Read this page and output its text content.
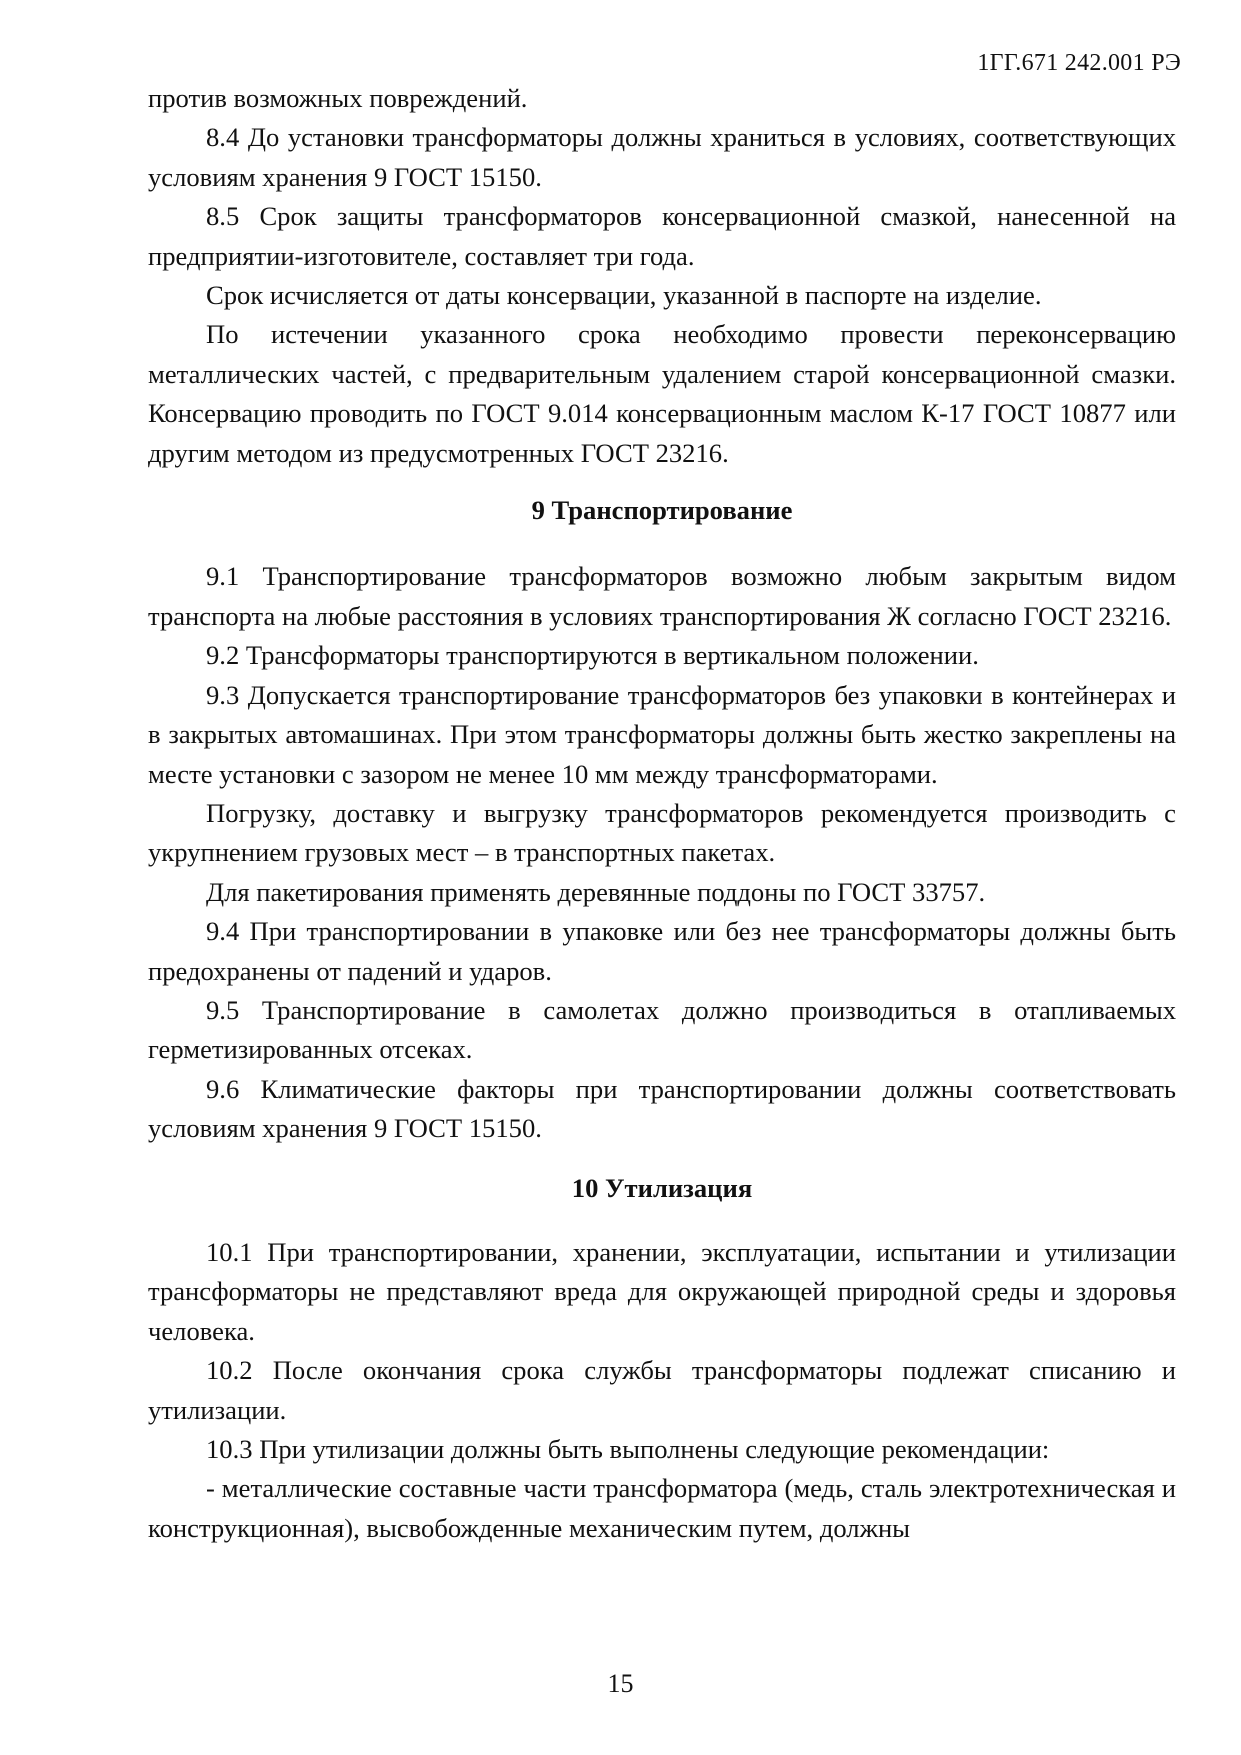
1ГГ.671 242.001 РЭ

против возможных повреждений.

8.4 До установки трансформаторы должны храниться в условиях, соответствующих условиям хранения 9 ГОСТ 15150.

8.5 Срок защиты трансформаторов консервационной смазкой, нанесенной на предприятии-изготовителе, составляет три года.

Срок исчисляется от даты консервации, указанной в паспорте на изделие.

По истечении указанного срока необходимо провести переконсервацию металлических частей, с предварительным удалением старой консервационной смазки. Консервацию проводить по ГОСТ 9.014 консервационным маслом К-17 ГОСТ 10877 или другим методом из предусмотренных ГОСТ 23216.

9 Транспортирование

9.1 Транспортирование трансформаторов возможно любым закрытым видом транспорта на любые расстояния в условиях транспортирования Ж согласно ГОСТ 23216.

9.2 Трансформаторы транспортируются в вертикальном положении.

9.3 Допускается транспортирование трансформаторов без упаковки в контейнерах и в закрытых автомашинах. При этом трансформаторы должны быть жестко закреплены на месте установки с зазором не менее 10 мм между трансформаторами.

Погрузку, доставку и выгрузку трансформаторов рекомендуется производить с укрупнением грузовых мест – в транспортных пакетах.

Для пакетирования применять деревянные поддоны по ГОСТ 33757.

9.4 При транспортировании в упаковке или без нее трансформаторы должны быть предохранены от падений и ударов.

9.5 Транспортирование в самолетах должно производиться в отапливаемых герметизированных отсеках.

9.6 Климатические факторы при транспортировании должны соответствовать условиям хранения 9 ГОСТ 15150.

10 Утилизация

10.1 При транспортировании, хранении, эксплуатации, испытании и утилизации трансформаторы не представляют вреда для окружающей природной среды и здоровья человека.

10.2 После окончания срока службы трансформаторы подлежат списанию и утилизации.

10.3 При утилизации должны быть выполнены следующие рекомендации:

- металлические составные части трансформатора (медь, сталь электротехническая и конструкционная), высвобожденные механическим путем, должны

15
